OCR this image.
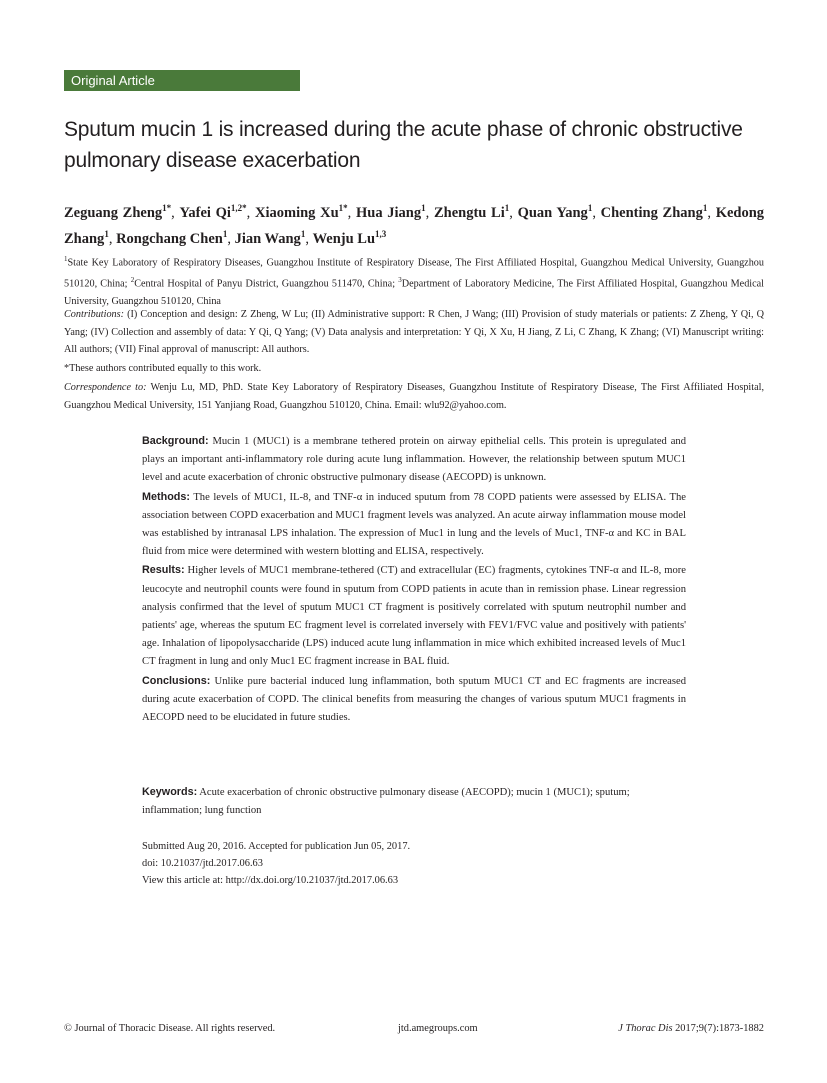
Original Article
Sputum mucin 1 is increased during the acute phase of chronic obstructive pulmonary disease exacerbation

Zeguang Zheng$^{1*}$, Yafei $Qi^{1,2*}$, Xiaoming $Xu^{1*}$, Hua Jiang$^1$, Zhengtu Li$^1$, Quan Yang$^1$, Chenting Zhang$^1$, Kedong Zhang$^1$, Rongchang Chen$^1$, Jian Wang$^1$, Wenju Lu$^{1,3}$

$^1$State Key Laboratory of Respiratory Diseases, Guangzhou Institute of Respiratory Disease, The First Affiliated Hospital, Guangzhou Medical University, Guangzhou 510120, China; $^2$Central Hospital of Panyu District, Guangzhou 511470, China; $^3$Department of Laboratory Medicine, The First Affiliated Hospital, Guangzhou Medical University, Guangzhou 510120, China

Contributions: (I) Conception and design: Z Zheng, W Lu; (II) Administrative support: R Chen, J Wang; (III) Provision of study materials or patients: Z Zheng, Y Qi, Q Yang; (IV) Collection and assembly of data: Y Qi, Q Yang; (V) Data analysis and interpretation: Y Qi, X Xu, H Jiang, Z Li, C Zhang, K Zhang; (VI) Manuscript writing: All authors; (VII) Final approval of manuscript: All authors.

*These authors contributed equally to this work.

Correspondence to: Wenju Lu, MD, PhD. State Key Laboratory of Respiratory Diseases, Guangzhou Institute of Respiratory Disease, The First Affiliated Hospital, Guangzhou Medical University, 151 Yanjiang Road, Guangzhou 510120, China. Email: wlu92@yahoo.com.

Background: Mucin 1 (MUC1) is a membrane tethered protein on airway epithelial cells. This protein is upregulated and plays an important anti-inflammatory role during acute lung inflammation. However, the relationship between sputum MUC1 level and acute exacerbation of chronic obstructive pulmonary disease (AECOPD) is unknown.

Methods: The levels of MUC1, IL-8, and TNF-α in induced sputum from 78 COPD patients were assessed by ELISA. The association between COPD exacerbation and MUC1 fragment levels was analyzed. An acute airway inflammation mouse model was established by intranasal LPS inhalation. The expression of Muc1 in lung and the levels of Muc1, TNF-α and KC in BAL fluid from mice were determined with western blotting and ELISA, respectively.

Results: Higher levels of MUC1 membrane-tethered (CT) and extracellular (EC) fragments, cytokines TNF-α and IL-8, more leucocyte and neutrophil counts were found in sputum from COPD patients in acute than in remission phase. Linear regression analysis confirmed that the level of sputum MUC1 CT fragment is positively correlated with sputum neutrophil number and patients' age, whereas the sputum EC fragment level is correlated inversely with FEV1/FVC value and positively with patients' age. Inhalation of lipopolysaccharide (LPS) induced acute lung inflammation in mice which exhibited increased levels of Muc1 CT fragment in lung and only Muc1 EC fragment increase in BAL fluid.

Conclusions: Unlike pure bacterial induced lung inflammation, both sputum MUC1 CT and EC fragments are increased during acute exacerbation of COPD. The clinical benefits from measuring the changes of various sputum MUC1 fragments in AECOPD need to be elucidated in future studies.

Keywords: Acute exacerbation of chronic obstructive pulmonary disease (AECOPD); mucin 1 (MUC1); sputum; inflammation; lung function

Submitted Aug 20, 2016. Accepted for publication Jun 05, 2017.
doi: 10.21037/jtd.2017.06.63
View this article at: http://dx.doi.org/10.21037/jtd.2017.06.63
© Journal of Thoracic Disease. All rights reserved.	jtd.amegroups.com	J Thorac Dis 2017;9(7):1873-1882
